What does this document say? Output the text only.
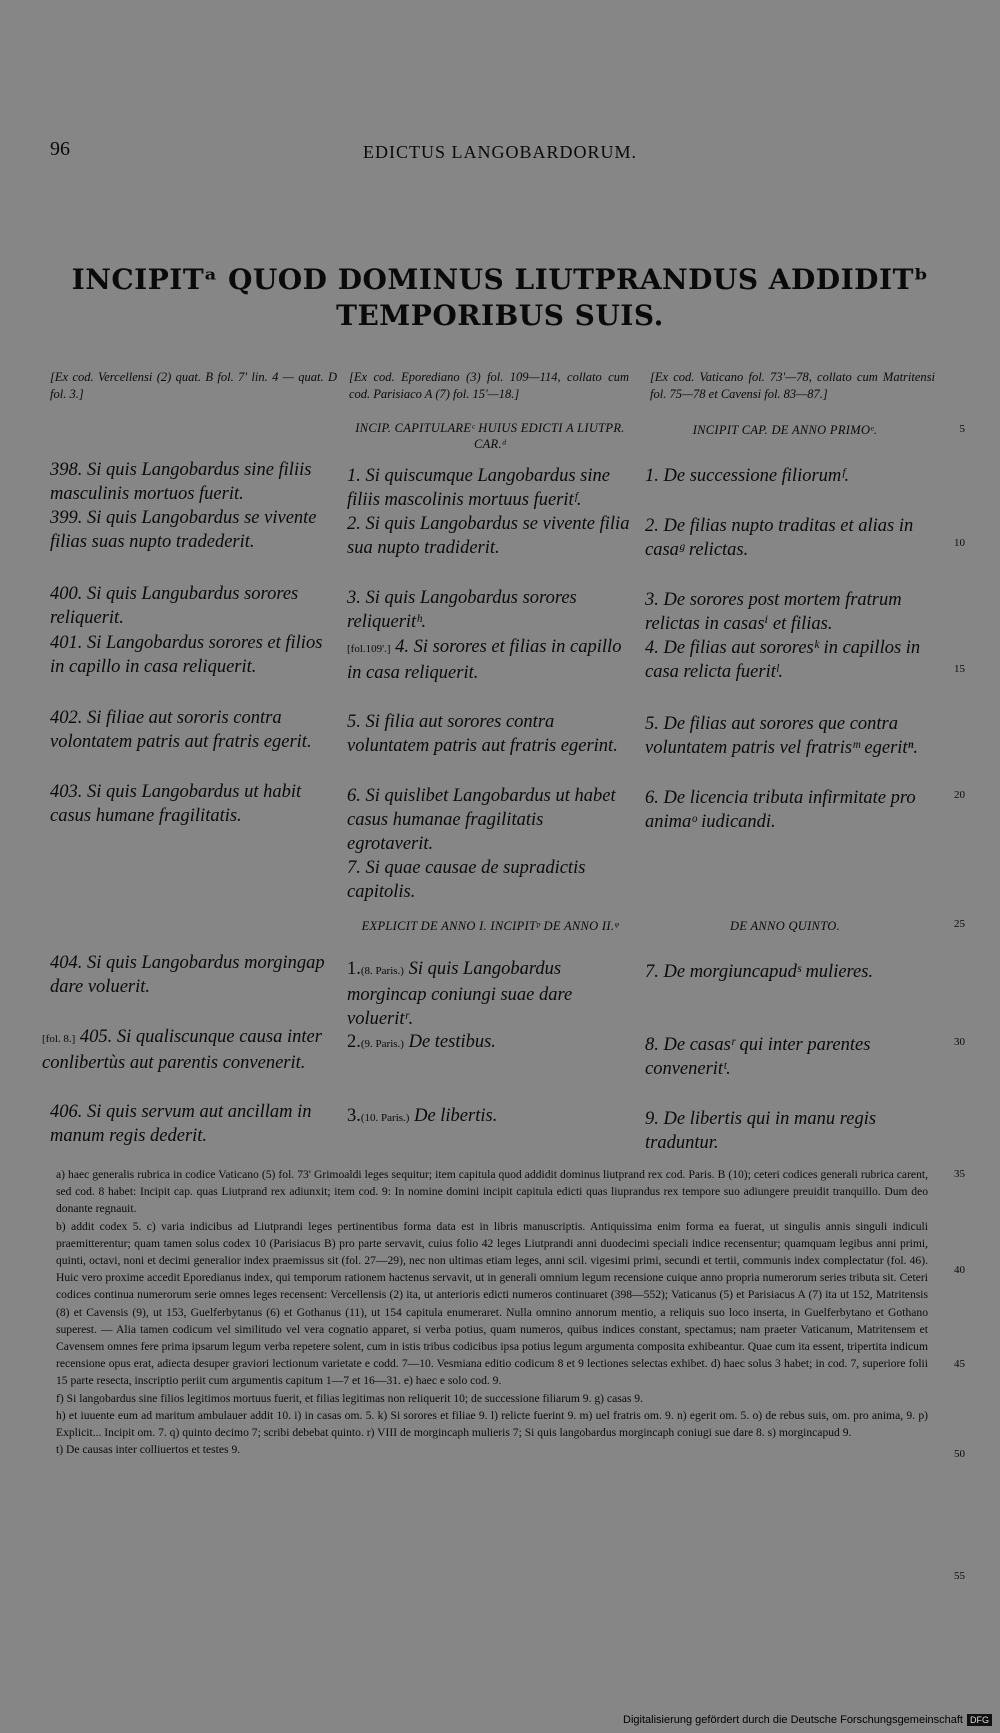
96	EDICTUS LANGOBARDORUM.
INCIPITᵃ QUOD DOMINUS LIUTPRANDUS ADDIDITᵇ
TEMPORIBUS SUIS.
[Ex cod. Vercellensi (2) quat. B fol. 7' lin. 4 — quat. D fol. 3.]
[Ex cod. Eporediano (3) fol. 109—114, collato cum cod. Parisiaco A (7) fol. 15'—18.]
[Ex cod. Vaticano fol. 73'—78, collato cum Matritensi fol. 75—78 et Cavensi fol. 83—87.]
INCIP. CAPITULAREᶜ HUIUS EDICTI A LIUTPR. CAR.ᵈ
INCIPIT CAP. DE ANNO PRIMOᵉ.
EXPLICIT DE ANNO I. INCIPITᵖ DE ANNO II.ᵠ	DE ANNO QUINTO.
398. Si quis Langobardus sine filiis masculinis mortuos fuerit.
399. Si quis Langobardus se vivente filias suas nupto tradederit.
400. Si quis Langubardus sorores reliquerit.
401. Si Langobardus sorores et filios in capillo in casa reliquerit.
402. Si filiae aut sororis contra volontatem patris aut fratris egerit.
403. Si quis Langobardus ut habit casus humane fragilitatis.
404. Si quis Langobardus morgingap dare voluerit.
[fol. 8.] 405. Si qualiscunque causa inter conlibertùs aut parentis convenerit.
406. Si quis servum aut ancillam in manum regis dederit.
1. Si quiscumque Langobardus sine filiis mascolinis mortuus fueritᶠ.
2. Si quis Langobardus se vivente filia sua nupto tradiderit.
3. Si quis Langobardus sorores reliqueritʰ.
[fol.109'.] 4. Si sorores et filias in capillo in casa reliquerit.
5. Si filia aut sorores contra voluntatem patris aut fratris egerint.
6. Si quislibet Langobardus ut habet casus humanae fragilitatis egrotaverit.
7. Si quae causae de supradictis capitolis.
1.(8. Paris.) Si quis Langobardus morgincap coniungi suae dare volueritʳ.
2.(9. Paris.) De testibus.
3.(10. Paris.) De libertis.
1. De successione filiorumᶠ.
2. De filias nupto traditas et alias in casaᵍ relictas.
3. De sorores post mortem fratrum relictas in casasⁱ et filias.
4. De filias aut sororesᵏ in capillos in casa relicta fueritˡ.
5. De filias aut sorores que contra voluntatem patris vel fratrisᵐ egeritⁿ.
6. De licencia tributa infirmitate pro animaᵒ iudicandi.
7. De morgiuncapudˢ mulieres.
8. De casasʳ qui inter parentes conveneritᵗ.
9. De libertis qui in manu regis traduntur.
5
10
15
20
25
30
35
40
45
50
55
a) haec generalis rubrica in codice Vaticano (5) fol. 73' Grimoaldi leges sequitur; item capitula quod addidit dominus liutprand rex cod. Paris. B (10); ceteri codices generali rubrica carent, sed cod. 8 habet: Incipit cap. quas Liutprand rex adiunxit; item cod. 9: In nomine domini incipit capitula edicti quas liuprandus rex tempore suo adiungere preuidit tranquillo. Dum deo donante regnauit.
b) addit codex 5. c) varia indicibus ad Liutprandi leges pertinentibus forma data est in libris manuscriptis. Antiquissima enim forma ea fuerat, ut singulis annis singuli indiculi praemitterentur; quam tamen solus codex 10 (Parisiacus B) pro parte servavit, cuius folio 42 leges Liutprandi anni duodecimi speciali indice recensentur; quamquam legibus anni primi, quinti, octavi, noni et decimi generalior index praemissus sit (fol. 27—29), nec non ultimas etiam leges, anni scil. vigesimi primi, secundi et tertii, communis index complectatur (fol. 46). Huic vero proxime accedit Eporedianus index, qui temporum rationem hactenus servavit, ut in generali omnium legum recensione cuique anno propria numerorum series tributa sit. Ceteri codices continua numerorum serie omnes leges recensent: Vercellensis (2) ita, ut anterioris edicti numeros continuaret (398—552); Vaticanus (5) et Parisiacus A (7) ita ut 152, Matritensis (8) et Cavensis (9), ut 153, Guelferbytanus (6) et Gothanus (11), ut 154 capitula enumeraret. Nulla omnino annorum mentio, a reliquis suo loco inserta, in Guelferbytano et Gothano superest. — Alia tamen codicum vel similitudo vel vera cognatio apparet, si verba potius, quam numeros, quibus indices constant, spectamus; nam praeter Vaticanum, Matritensem et Cavensem omnes fere prima ipsarum legum verba repetere solent, cum in istis tribus codicibus ipsa potius legum argumenta composita exhibeantur. Quae cum ita essent, tripertita indicum recensione opus erat, adiecta desuper graviori lectionum varietate e codd. 7—10. Vesmiana editio codicum 8 et 9 lectiones selectas exhibet. d) haec solus 3 habet; in cod. 7, superiore folii 15 parte resecta, inscriptio periit cum argumentis capitum 1—7 et 16—31. e) haec e solo cod. 9.
f) Si langobardus sine filios legitimos mortuus fuerit, et filias legitimas non reliquerit 10; de successione filiarum 9. g) casas 9.
h) et iuuente eum ad maritum ambulauer addit 10. i) in casas om. 5. k) Si sorores et filiae 9. l) relicte fuerint 9. m) uel fratris om. 9. n) egerit om. 5. o) de rebus suis, om. pro anima, 9. p) Explicit... Incipit om. 7. q) quinto decimo 7; scribi debebat quinto. r) VIII de morgincaph mulieris 7; Si quis langobardus morgincaph coniugi sue dare 8. s) morgincapud 9.
t) De causas inter colliuertos et testes 9.
Digitalisierung gefördert durch die Deutsche Forschungsgemeinschaft DFG
